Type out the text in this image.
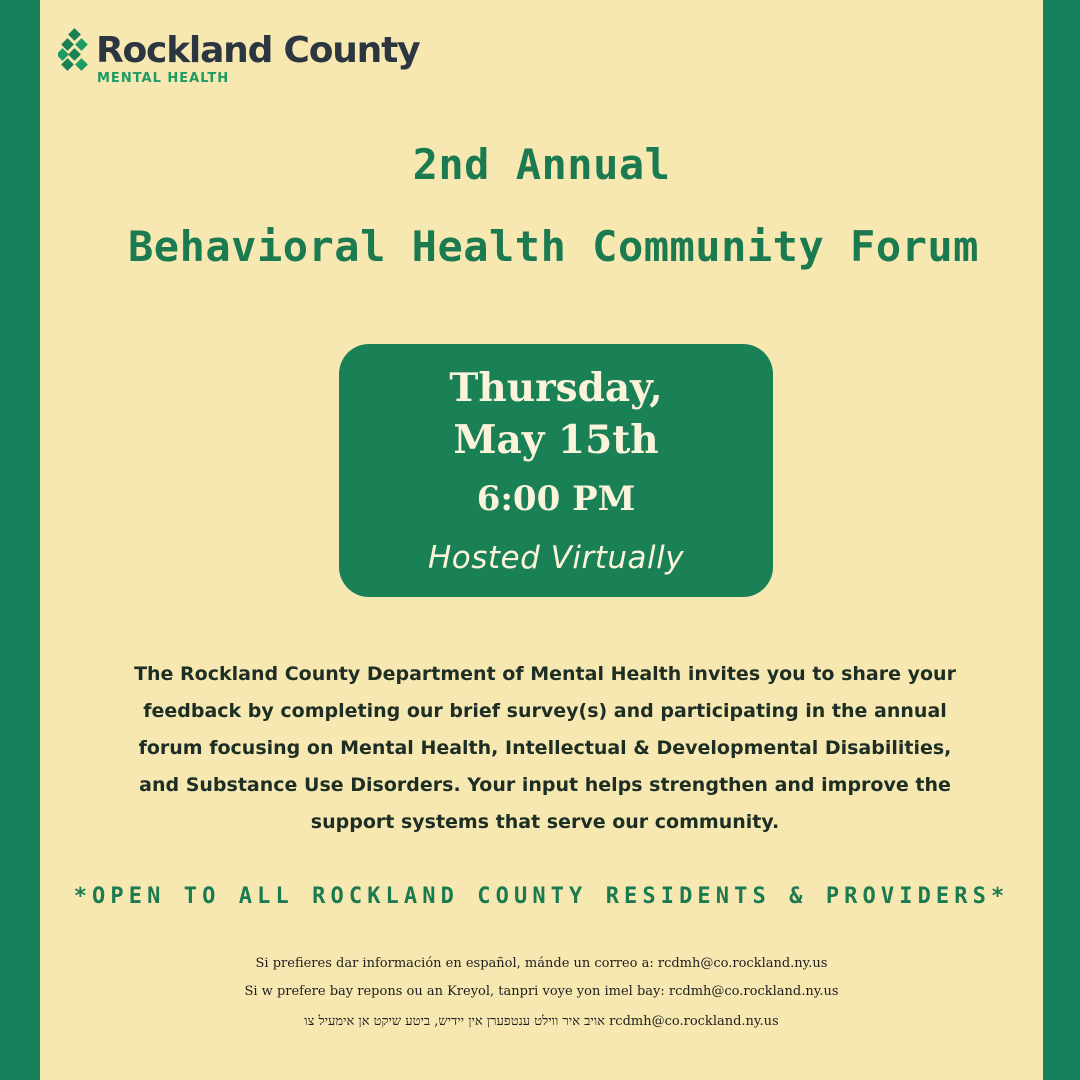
Rockland County
MENTAL HEALTH
2nd Annual
Behavioral Health Community Forum
Thursday,
May 15th
6:00 PM
Hosted Virtually

The Rockland County Department of Mental Health invites you to share your feedback by completing our brief survey(s) and participating in the annual forum focusing on Mental Health, Intellectual & Developmental Disabilities, and Substance Use Disorders. Your input helps strengthen and improve the support systems that serve our community.

*OPEN TO ALL ROCKLAND COUNTY RESIDENTS & PROVIDERS*
Si prefieres dar información en español, mánde un correo a: rcdmh@co.rockland.ny.us
Si w prefere bay repons ou an Kreyol, tanpri voye yon imel bay: rcdmh@co.rockland.ny.us
אויב איר ווילט ענטפערן אין יידיש, ביטע שיקט אן אימעיל צו rcdmh@co.rockland.ny.us
